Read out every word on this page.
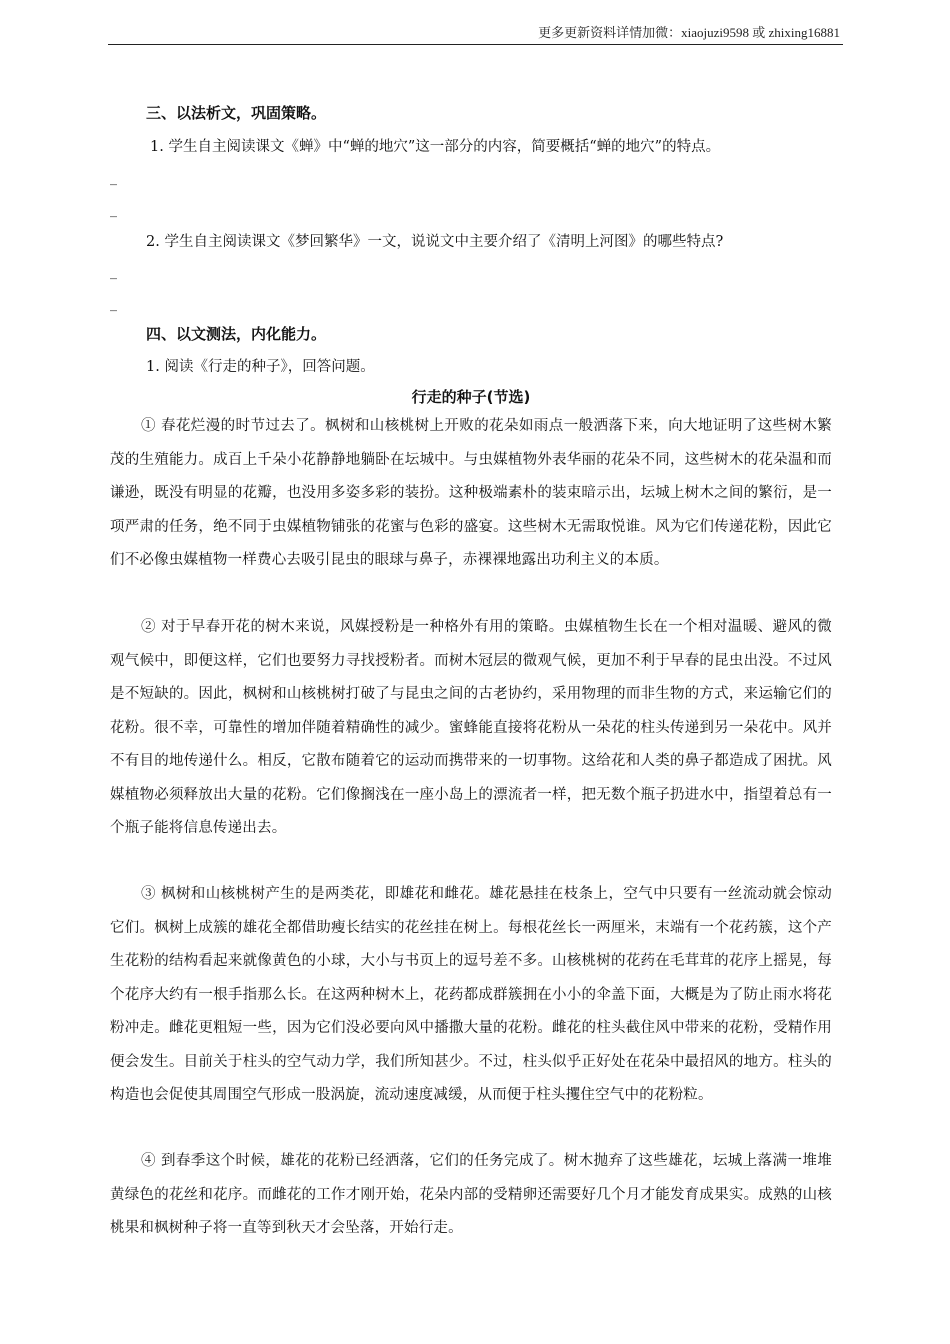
更多更新资料详情加微：xiaojuzi9598 或 zhixing16881
三、以法析文，巩固策略。
1. 学生自主阅读课文《蝉》中“蝉的地穴”这一部分的内容，简要概括“蝉的地穴”的特点。
_
_
2. 学生自主阅读课文《梦回繁华》一文，说说文中主要介绍了《清明上河图》的哪些特点?
_
_
四、以文测法，内化能力。
1. 阅读《行走的种子》，回答问题。
行走的种子(节选)
① 春花烂漫的时节过去了。枫树和山核桃树上开败的花朵如雨点一般洒落下来，向大地证明了这些树木繁茂的生殖能力。成百上千朵小花静静地躺卧在坛城中。与虫媒植物外表华丽的花朵不同，这些树木的花朵温和而谦逊，既没有明显的花瓣，也没用多姿多彩的装扮。这种极端素朴的装束暗示出，坛城上树木之间的繁衍，是一项严肃的任务，绝不同于虫媒植物铺张的花蜜与色彩的盛宴。这些树木无需取悦谁。风为它们传递花粉，因此它们不必像虫媒植物一样费心去吸引昆虫的眼球与鼻子，赤裸裸地露出功利主义的本质。
② 对于早春开花的树木来说，风媒授粉是一种格外有用的策略。虫媒植物生长在一个相对温暖、避风的微观气候中，即便这样，它们也要努力寻找授粉者。而树木冠层的微观气候，更加不利于早春的昆虫出没。不过风是不短缺的。因此，枫树和山核桃树打破了与昆虫之间的古老协约，采用物理的而非生物的方式，来运输它们的花粉。很不幸，可靠性的增加伴随着精确性的减少。蜜蜂能直接将花粉从一朵花的柱头传递到另一朵花中。风并不有目的地传递什么。相反，它散布随着它的运动而携带来的一切事物。这给花和人类的鼻子都造成了困扰。风媒植物必须释放出大量的花粉。它们像搁浅在一座小岛上的漂流者一样，把无数个瓶子扔进水中，指望着总有一个瓶子能将信息传递出去。
③ 枫树和山核桃树产生的是两类花，即雄花和雌花。雄花悬挂在枝条上，空气中只要有一丝流动就会惊动它们。枫树上成簇的雄花全都借助瘦长结实的花丝挂在树上。每根花丝长一两厘米，末端有一个花药簇，这个产生花粉的结构看起来就像黄色的小球，大小与书页上的逗号差不多。山核桃树的花药在毛茸茸的花序上摇晃，每个花序大约有一根手指那么长。在这两种树木上，花药都成群簇拥在小小的伞盖下面，大概是为了防止雨水将花粉冲走。雌花更粗短一些，因为它们没必要向风中播撒大量的花粉。雌花的柱头截住风中带来的花粉，受精作用便会发生。目前关于柱头的空气动力学，我们所知甚少。不过，柱头似乎正好处在花朵中最招风的地方。柱头的构造也会促使其周围空气形成一股涡旋，流动速度减缓，从而便于柱头攫住空气中的花粉粒。
④ 到春季这个时候，雄花的花粉已经洒落，它们的任务完成了。树木抛弃了这些雄花，坛城上落满一堆堆黄绿色的花丝和花序。而雌花的工作才刚开始，花朵内部的受精卵还需要好几个月才能发育成果实。成熟的山核桃果和枫树种子将一直等到秋天才会坠落，开始行走。
